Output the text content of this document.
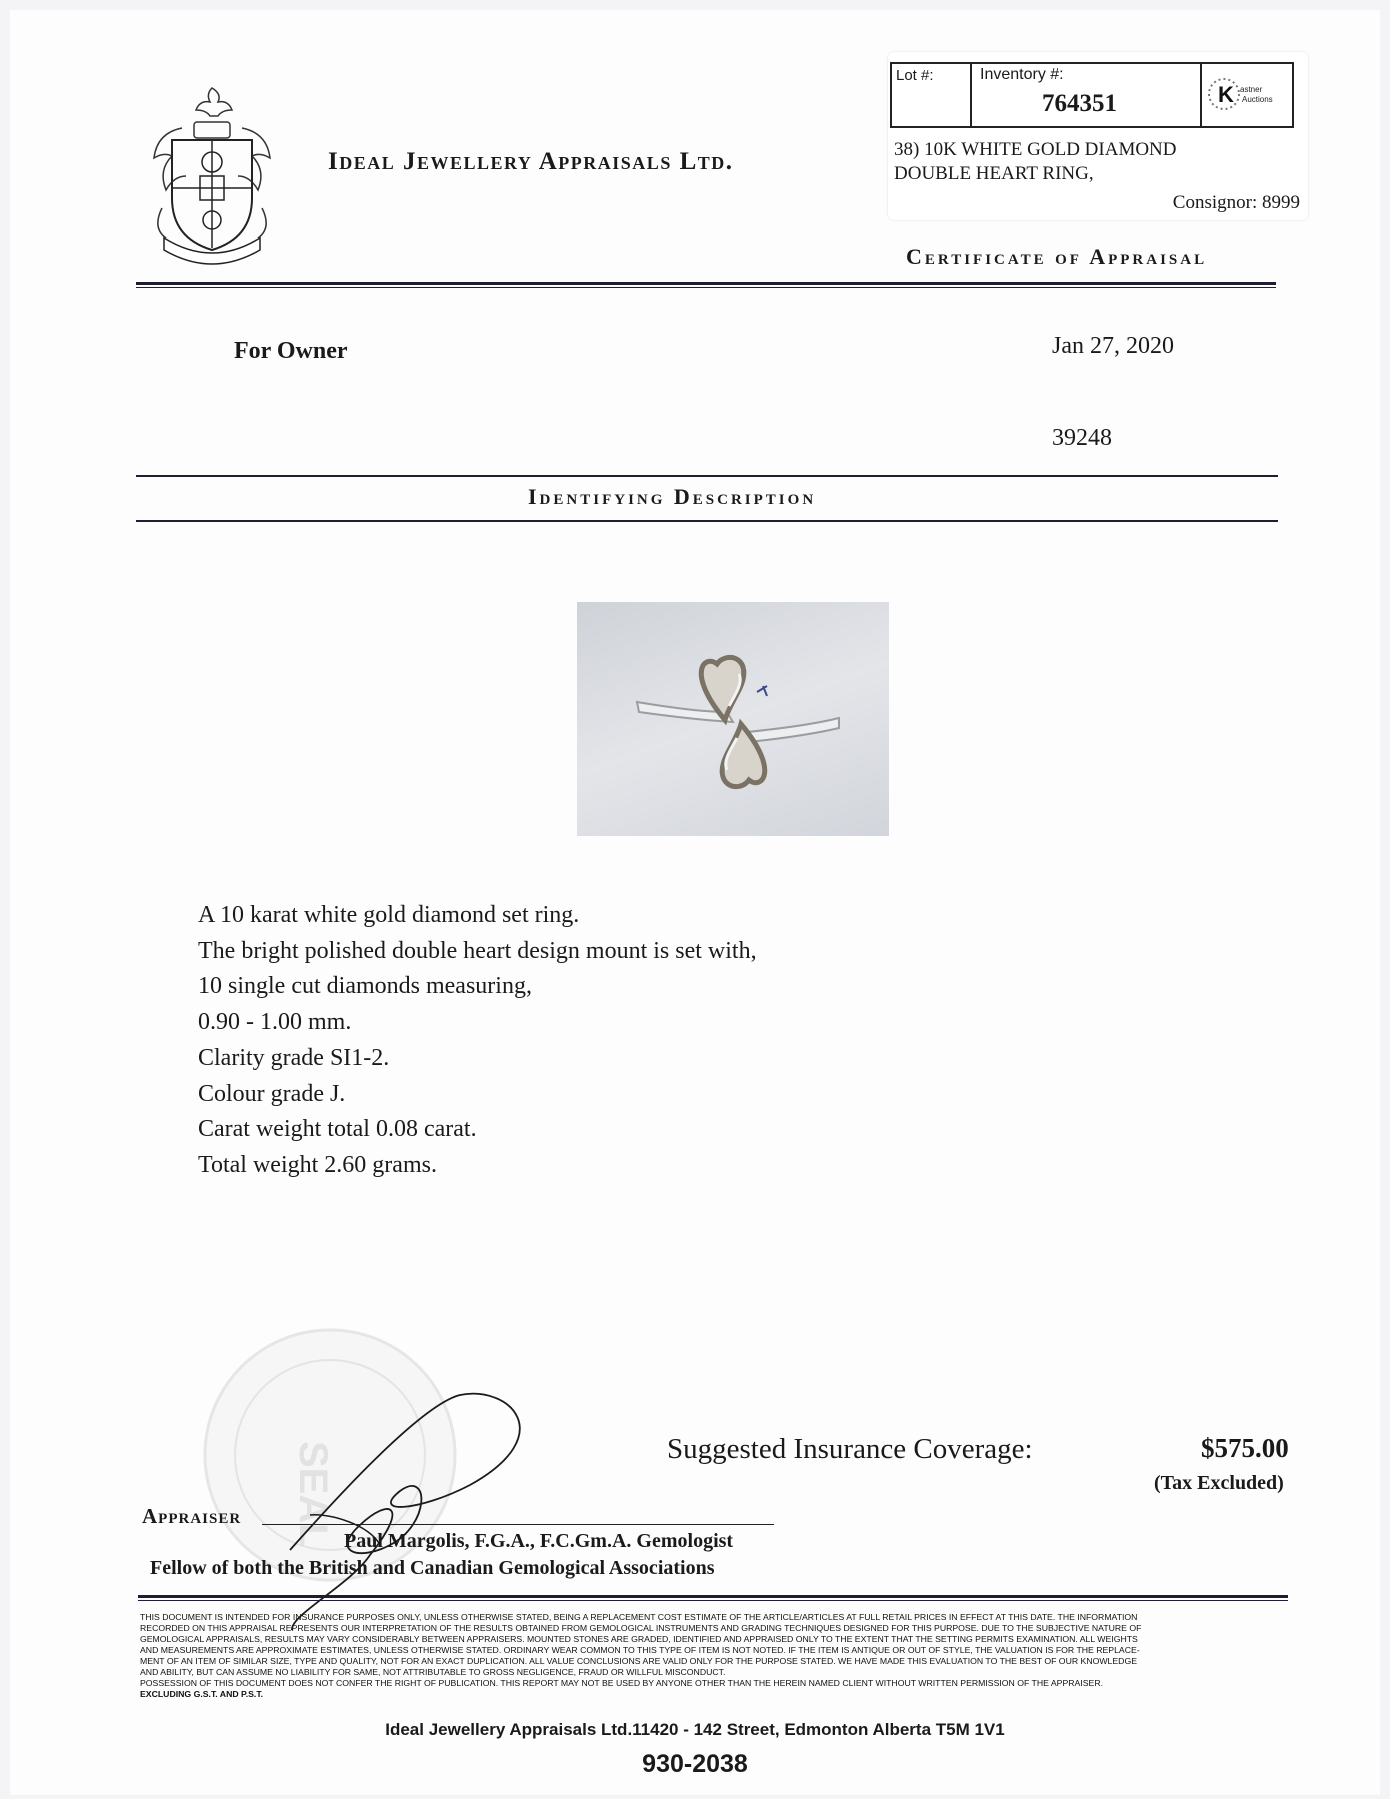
Ideal Jewellery Appraisals Ltd.
Lot #:	Inventory #:
764351	K astner
Auctions
38) 10K WHITE GOLD DIAMOND
DOUBLE HEART RING,
Consignor: 8999
Certificate of Appraisal
For Owner	Jan 27, 2020
39248
Identifying Description
A 10 karat white gold diamond set ring.
The bright polished double heart design mount is set with,
10 single cut diamonds measuring,
0.90 - 1.00 mm.
Clarity grade SI1-2.
Colour grade J.
Carat weight total 0.08 carat.
Total weight 2.60 grams.
SEAL	Suggested Insurance Coverage:	$575.00
(Tax Excluded)
Appraiser
Paul Margolis, F.G.A., F.C.Gm.A. Gemologist
Fellow of both the British and Canadian Gemological Associations
THIS DOCUMENT IS INTENDED FOR INSURANCE PURPOSES ONLY, UNLESS OTHERWISE STATED, BEING A REPLACEMENT COST ESTIMATE OF THE ARTICLE/ARTICLES AT FULL RETAIL PRICES IN EFFECT AT THIS DATE. THE INFORMATION
RECORDED ON THIS APPRAISAL REPRESENTS OUR INTERPRETATION OF THE RESULTS OBTAINED FROM GEMOLOGICAL INSTRUMENTS AND GRADING TECHNIQUES DESIGNED FOR THIS PURPOSE. DUE TO THE SUBJECTIVE NATURE OF
GEMOLOGICAL APPRAISALS, RESULTS MAY VARY CONSIDERABLY BETWEEN APPRAISERS. MOUNTED STONES ARE GRADED, IDENTIFIED AND APPRAISED ONLY TO THE EXTENT THAT THE SETTING PERMITS EXAMINATION. ALL WEIGHTS
AND MEASUREMENTS ARE APPROXIMATE ESTIMATES, UNLESS OTHERWISE STATED. ORDINARY WEAR COMMON TO THIS TYPE OF ITEM IS NOT NOTED. IF THE ITEM IS ANTIQUE OR OUT OF STYLE, THE VALUATION IS FOR THE REPLACE-
MENT OF AN ITEM OF SIMILAR SIZE, TYPE AND QUALITY, NOT FOR AN EXACT DUPLICATION. ALL VALUE CONCLUSIONS ARE VALID ONLY FOR THE PURPOSE STATED. WE HAVE MADE THIS EVALUATION TO THE BEST OF OUR KNOWLEDGE
AND ABILITY, BUT CAN ASSUME NO LIABILITY FOR SAME, NOT ATTRIBUTABLE TO GROSS NEGLIGENCE, FRAUD OR WILLFUL MISCONDUCT.
POSSESSION OF THIS DOCUMENT DOES NOT CONFER THE RIGHT OF PUBLICATION. THIS REPORT MAY NOT BE USED BY ANYONE OTHER THAN THE HEREIN NAMED CLIENT WITHOUT WRITTEN PERMISSION OF THE APPRAISER.
EXCLUDING G.S.T. AND P.S.T.
Ideal Jewellery Appraisals Ltd.11420 - 142 Street, Edmonton Alberta T5M 1V1
930-2038
